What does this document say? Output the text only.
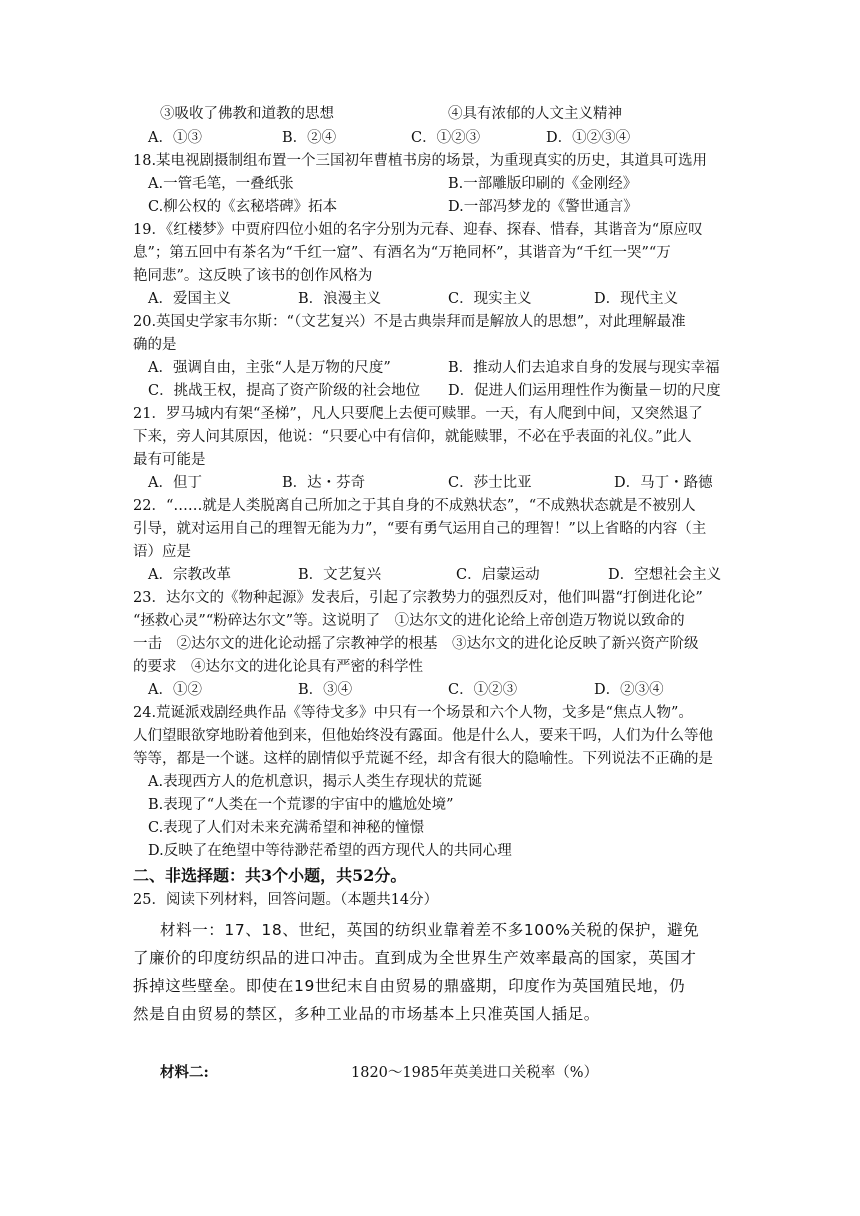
③吸收了佛教和道教的思想	④具有浓郁的人文主义精神
A．①③	B．②④	C．①②③	D．①②③④
18.某电视剧摄制组布置一个三国初年曹植书房的场景，为重现真实的历史，其道具可选用
A.一管毛笔，一叠纸张	B.一部雕版印刷的《金刚经》
C.柳公权的《玄秘塔碑》拓本	D.一部冯梦龙的《警世通言》
19．《红楼梦》中贾府四位小姐的名字分别为元春、迎春、探春、惜春，其谐音为“原应叹
息”；第五回中有茶名为“千红一窟”、有酒名为“万艳同杯”，其谐音为“千红一哭”“万
艳同悲”。这反映了该书的创作风格为
A．爱国主义	B．浪漫主义	C．现实主义	D．现代主义
20.英国史学家韦尔斯：“（文艺复兴）不是古典崇拜而是解放人的思想”，对此理解最准
确的是
A．强调自由，主张“人是万物的尺度”	B．推动人们去追求自身的发展与现实幸福
C．挑战王权，提高了资产阶级的社会地位 D．促进人们运用理性作为衡量－切的尺度
21．罗马城内有架“圣梯”，凡人只要爬上去便可赎罪。一天，有人爬到中间，又突然退了
下来，旁人问其原因，他说：“只要心中有信仰，就能赎罪，不必在乎表面的礼仪。”此人
最有可能是
A．但丁	B．达・芬奇	C．莎士比亚	D．马丁・路德
22．“……就是人类脱离自己所加之于其自身的不成熟状态”，“不成熟状态就是不被别人
引导，就对运用自己的理智无能为力”，“要有勇气运用自己的理智！”以上省略的内容（主
语）应是
A．宗教改革	B．文艺复兴	C．启蒙运动	D．空想社会主义
23．达尔文的《物种起源》发表后，引起了宗教势力的强烈反对，他们叫嚣“打倒进化论”
“拯救心灵”“粉碎达尔文”等。这说明了　①达尔文的进化论给上帝创造万物说以致命的
一击　②达尔文的进化论动摇了宗教神学的根基　③达尔文的进化论反映了新兴资产阶级
的要求　④达尔文的进化论具有严密的科学性
A．①②	B．③④	C．①②③	D．②③④
24.荒诞派戏剧经典作品《等待戈多》中只有一个场景和六个人物，戈多是“焦点人物”。
人们望眼欲穿地盼着他到来，但他始终没有露面。他是什么人，要来干吗，人们为什么等他
等等，都是一个谜。这样的剧情似乎荒诞不经，却含有很大的隐喻性。下列说法不正确的是
A.表现西方人的危机意识，揭示人类生存现状的荒诞
B.表现了“人类在一个荒谬的宇宙中的尴尬处境”
C.表现了人们对未来充满希望和神秘的憧憬
D.反映了在绝望中等待渺茫希望的西方现代人的共同心理
二、非选择题：共3个小题，共52分。
25．阅读下列材料，回答问题。（本题共14分）
材料一：17、18、世纪，英国的纺织业靠着差不多100%关税的保护，避免
了廉价的印度纺织品的进口冲击。直到成为全世界生产效率最高的国家，英国才
拆掉这些壁垒。即使在19世纪末自由贸易的鼎盛期，印度作为英国殖民地，仍
然是自由贸易的禁区，多种工业品的市场基本上只准英国人插足。
材料二:	1820～1985年英美进口关税率（%）
